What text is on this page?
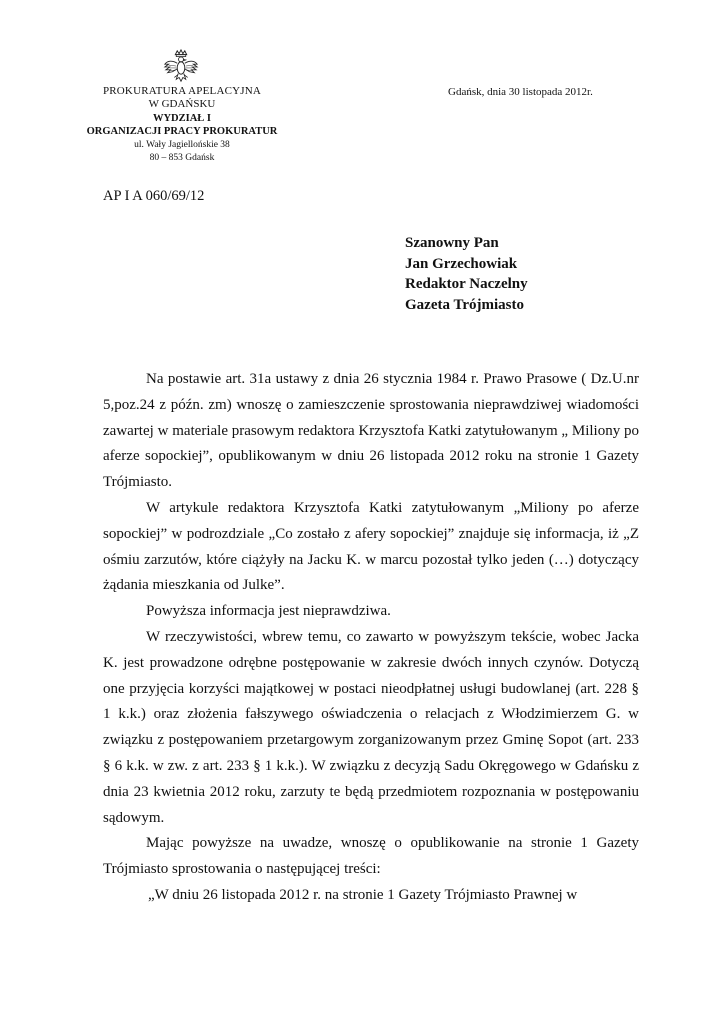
PROKURATURA APELACYJNA
W GDAŃSKU
WYDZIAŁ I
ORGANIZACJI PRACY PROKURATUR
ul. Wały Jagiellońskie 38
80 – 853 Gdańsk
Gdańsk, dnia 30 listopada 2012r.
AP I A 060/69/12
Szanowny Pan
Jan Grzechowiak
Redaktor Naczelny
Gazeta Trójmiasto

Na postawie art. 31a ustawy z dnia 26 stycznia 1984 r. Prawo Prasowe ( Dz.U.nr 5,poz.24 z późn. zm) wnoszę o zamieszczenie sprostowania nieprawdziwej wiadomości zawartej w materiale prasowym redaktora Krzysztofa Katki zatytułowanym „ Miliony po aferze sopockiej”, opublikowanym w dniu 26 listopada 2012 roku na stronie 1 Gazety Trójmiasto.

W artykule redaktora Krzysztofa Katki zatytułowanym „Miliony po aferze sopockiej” w podrozdziale „Co zostało z afery sopockiej” znajduje się informacja, iż „Z ośmiu zarzutów, które ciążyły na Jacku K. w marcu pozostał tylko jeden (…) dotyczący żądania mieszkania od Julke”.

Powyższa informacja jest nieprawdziwa.

W rzeczywistości, wbrew temu, co zawarto w powyższym tekście, wobec Jacka K. jest prowadzone odrębne postępowanie w zakresie dwóch innych czynów. Dotyczą one przyjęcia korzyści majątkowej w postaci nieodpłatnej usługi budowlanej (art. 228 § 1 k.k.) oraz złożenia fałszywego oświadczenia o relacjach z Włodzimierzem G. w związku z postępowaniem przetargowym zorganizowanym przez Gminę Sopot (art. 233 § 6 k.k. w zw. z art. 233 § 1 k.k.). W związku z decyzją Sadu Okręgowego w Gdańsku z dnia 23 kwietnia 2012 roku, zarzuty te będą przedmiotem rozpoznania w postępowaniu sądowym.

Mając powyższe na uwadze, wnoszę o opublikowanie na stronie 1 Gazety Trójmiasto sprostowania o następującej treści:

„W dniu 26 listopada 2012 r. na stronie 1 Gazety Trójmiasto Prawnej w
